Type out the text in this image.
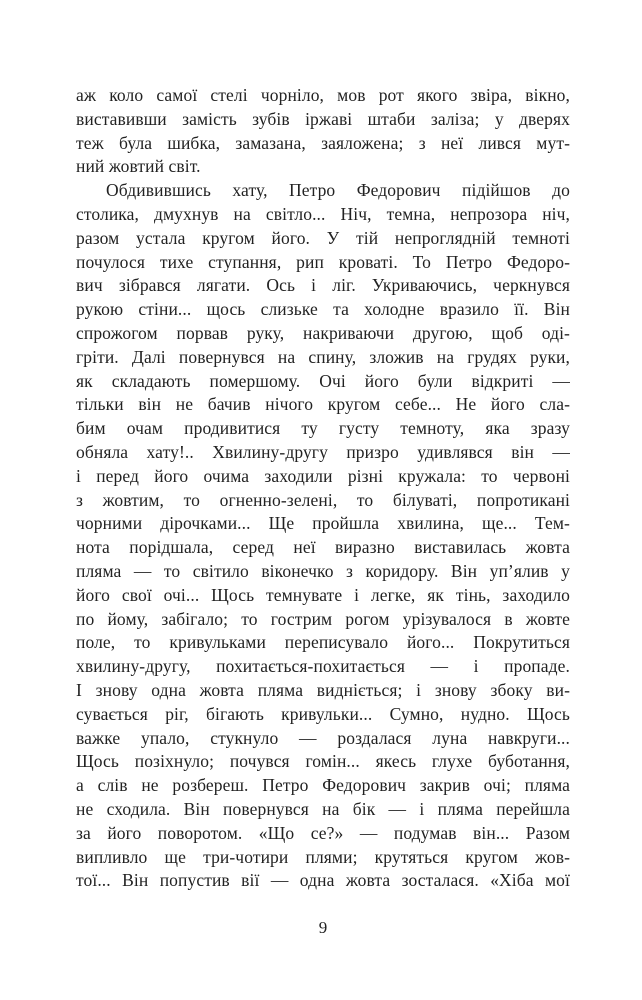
аж коло самої стелі чорніло, мов рот якого звіра, вікно,
виставивши замість зубів іржаві штаби заліза; у дверях
теж була шибка, замазана, заяложена; з неї лився мут-
ний жовтий світ.
Обдивившись хату, Петро Федорович підійшов до
столика, дмухнув на світло... Ніч, темна, непрозора ніч,
разом устала кругом його. У тій непроглядній темноті
почулося тихе ступання, рип кроваті. То Петро Федоро-
вич зібрався лягати. Ось і ліг. Укриваючись, черкнувся
рукою стіни... щось слизьке та холодне вразило її. Він
спрожогом порвав руку, накриваючи другою, щоб оді-
гріти. Далі повернувся на спину, зложив на грудях руки,
як складають помершому. Очі його були відкриті —
тільки він не бачив нічого кругом себе... Не його сла-
бим очам продивитися ту густу темноту, яка зразу
обняла хату!.. Хвилину-другу призро удивлявся він —
і перед його очима заходили різні кружала: то червоні
з жовтим, то огненно-зелені, то білуваті, попротикані
чорними дірочками... Ще пройшла хвилина, ще... Тем-
нота порідшала, серед неї виразно виставилась жовта
пляма — то світило віконечко з коридору. Він уп’ялив у
його свої очі... Щось темнувате і легке, як тінь, заходило
по йому, забігало; то гострим рогом урізувалося в жовте
поле, то кривульками переписувало його... Покрутиться
хвилину-другу, похитається-похитається — і пропаде.
І знову одна жовта пляма видніється; і знову збоку ви-
сувається ріг, бігають кривульки... Сумно, нудно. Щось
важке упало, стукнуло — роздалася луна навкруги...
Щось позіхнуло; почувся гомін... якесь глухе буботання,
а слів не розбереш. Петро Федорович закрив очі; пляма
не сходила. Він повернувся на бік — і пляма перейшла
за його поворотом. «Що се?» — подумав він... Разом
випливло ще три-чотири плями; крутяться кругом жов-
тої... Він попустив вії — одна жовта зосталася. «Хіба мої
9
